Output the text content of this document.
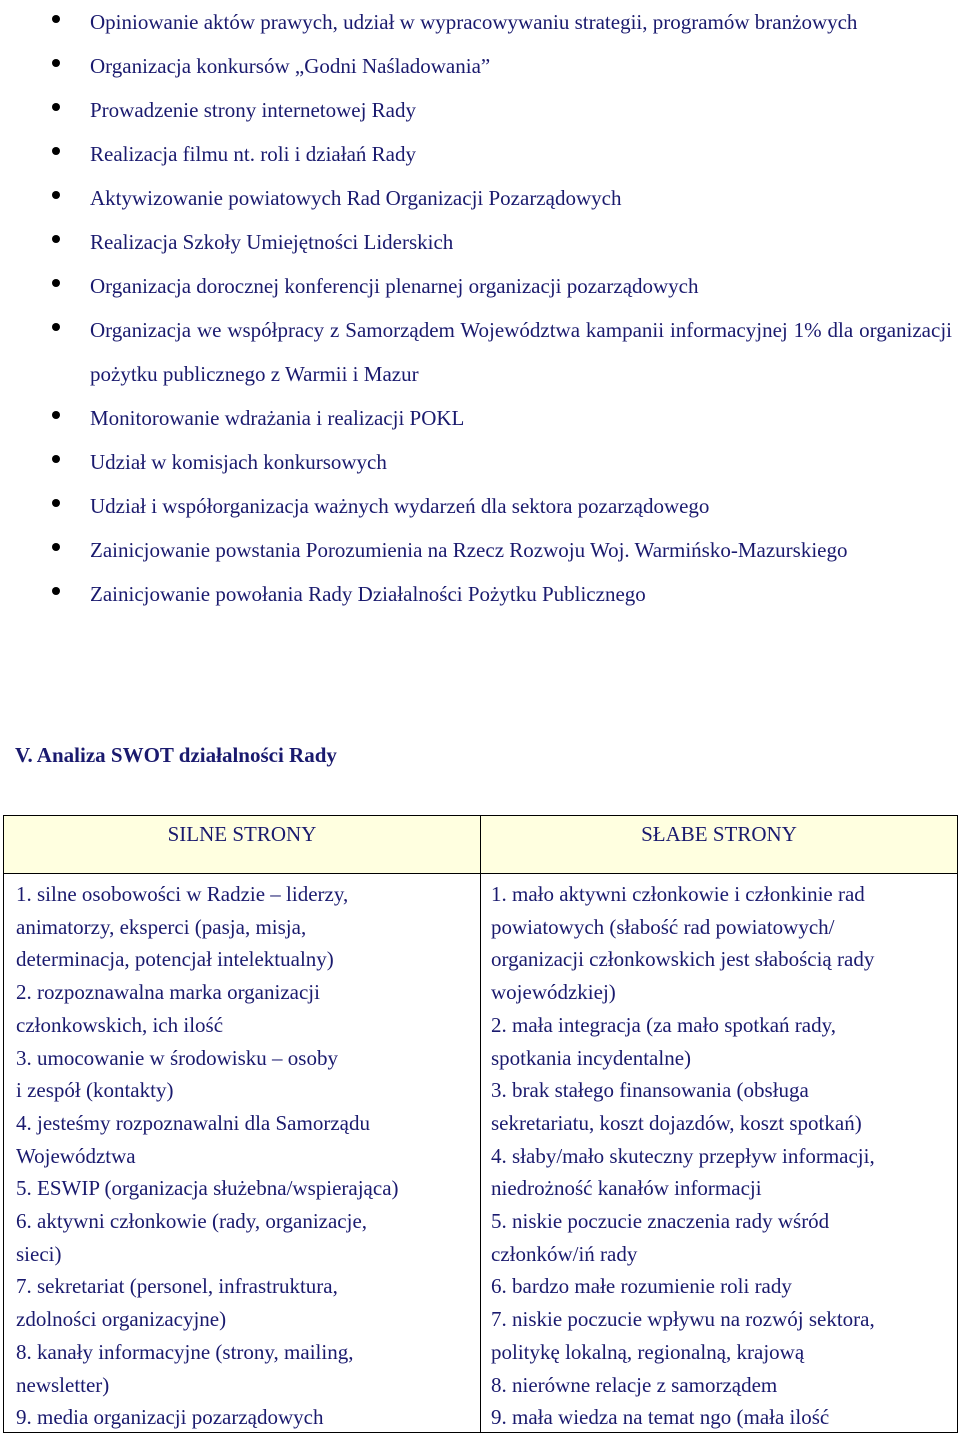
Opiniowanie aktów prawych, udział w wypracowywaniu strategii, programów branżowych
Organizacja konkursów „Godni Naśladowania”
Prowadzenie strony internetowej Rady
Realizacja filmu nt. roli i działań Rady
Aktywizowanie powiatowych Rad Organizacji Pozarządowych
Realizacja Szkoły Umiejętności Liderskich
Organizacja dorocznej konferencji plenarnej organizacji pozarządowych
Organizacja we współpracy z Samorządem Województwa kampanii informacyjnej 1% dla organizacji pożytku publicznego z Warmii i Mazur
Monitorowanie wdrażania i realizacji POKL
Udział w komisjach konkursowych
Udział i współorganizacja ważnych wydarzeń dla sektora pozarządowego
Zainicjowanie powstania Porozumienia na Rzecz Rozwoju Woj. Warmińsko-Mazurskiego
Zainicjowanie powołania Rady Działalności Pożytku Publicznego
V. Analiza SWOT działalności Rady
SILNE STRONY	SŁABE STRONY
1. silne osobowości w Radzie – liderzy,
animatorzy, eksperci (pasja, misja,
determinacja, potencjał intelektualny)
2. rozpoznawalna marka organizacji
członkowskich, ich ilość
3. umocowanie w środowisku – osoby
i zespół (kontakty)
4. jesteśmy rozpoznawalni dla Samorządu
Województwa
5. ESWIP (organizacja służebna/wspierająca)
6. aktywni członkowie (rady, organizacje,
sieci)
7. sekretariat (personel, infrastruktura,
zdolności organizacyjne)
8. kanały informacyjne (strony, mailing,
newsletter)
9. media organizacji pozarządowych
1. mało aktywni członkowie i członkinie rad
powiatowych (słabość rad powiatowych/
organizacji członkowskich jest słabością rady
wojewódzkiej)
2. mała integracja (za mało spotkań rady,
spotkania incydentalne)
3. brak stałego finansowania (obsługa
sekretariatu, koszt dojazdów, koszt spotkań)
4. słaby/mało skuteczny przepływ informacji,
niedrożność kanałów informacji
5. niskie poczucie znaczenia rady wśród
członków/iń rady
6. bardzo małe rozumienie roli rady
7. niskie poczucie wpływu na rozwój sektora,
politykę lokalną, regionalną, krajową
8. nierówne relacje z samorządem
9. mała wiedza na temat ngo (mała ilość
